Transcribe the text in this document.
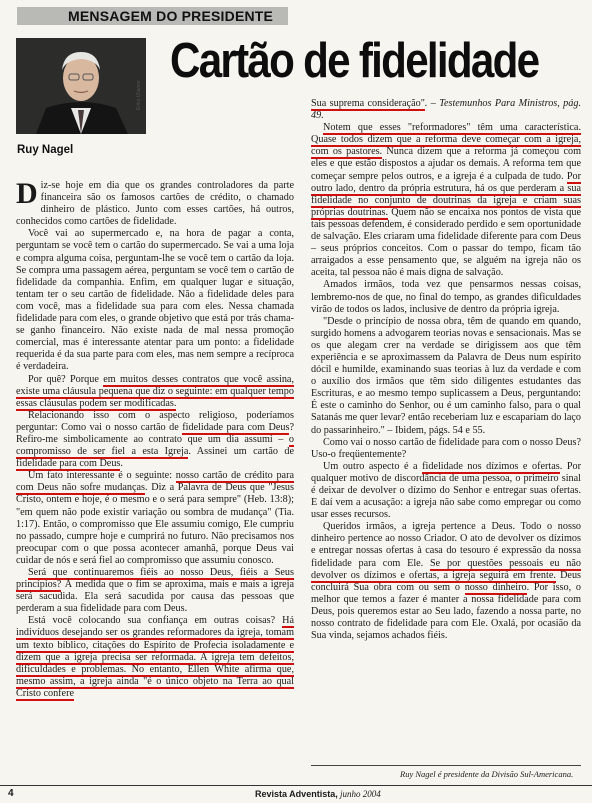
MENSAGEM DO PRESIDENTE
Ériko Ulianov
Ruy Nagel
Cartão de fidelidade

Diz-se hoje em dia que os grandes controladores da parte financeira são os famosos cartões de crédito, o chamado dinheiro de plástico. Junto com esses cartões, há outros, conhecidos como cartões de fidelidade.

Você vai ao supermercado e, na hora de pagar a conta, perguntam se você tem o cartão do supermercado. Se vai a uma loja e compra alguma coisa, perguntam-lhe se você tem o cartão da loja. Se compra uma passagem aérea, perguntam se você tem o cartão de fidelidade da companhia. Enfim, em qualquer lugar e situação, tentam ter o seu cartão de fidelidade. Não a fidelidade deles para com você, mas a fidelidade sua para com eles. Nessa chamada fidelidade para com eles, o grande objetivo que está por trás chama-se ganho financeiro. Não existe nada de mal nessa promoção comercial, mas é interessante atentar para um ponto: a fidelidade requerida é da sua parte para com eles, mas nem sempre a recíproca é verdadeira.

Por quê? Porque em muitos desses contratos que você assina, existe uma cláusula pequena que diz o seguinte: em qualquer tempo essas cláusulas podem ser modificadas.

Relacionando isso com o aspecto religioso, poderíamos perguntar: Como vai o nosso cartão de fidelidade para com Deus? Refiro-me simbolicamente ao contrato que um dia assumi – o compromisso de ser fiel a esta Igreja. Assinei um cartão de fidelidade para com Deus.

Um fato interessante é o seguinte: nosso cartão de crédito para com Deus não sofre mudanças. Diz a Palavra de Deus que "Jesus Cristo, ontem e hoje, é o mesmo e o será para sempre" (Heb. 13:8); "em quem não pode existir variação ou sombra de mudança" (Tia. 1:17). Então, o compromisso que Ele assumiu comigo, Ele cumpriu no passado, cumpre hoje e cumprirá no futuro. Não precisamos nos preocupar com o que possa acontecer amanhã, porque Deus vai cuidar de nós e será fiel ao compromisso que assumiu conosco.

Será que continuaremos fiéis ao nosso Deus, fiéis a Seus princípios? À medida que o fim se aproxima, mais e mais a igreja será sacudida. Ela será sacudida por causa das pessoas que perderam a sua fidelidade para com Deus.

Está você colocando sua confiança em outras coisas? Há indivíduos desejando ser os grandes reformadores da igreja, tomam um texto bíblico, citações do Espírito de Profecia isoladamente e dizem que a igreja precisa ser reformada. A igreja tem defeitos, dificuldades e problemas. No entanto, Ellen White afirma que, mesmo assim, a igreja ainda "é o único objeto na Terra ao qual Cristo confere

Sua suprema consideração". – Testemunhos Para Ministros, pág. 49.

Notem que esses "reformadores" têm uma característica. Quase todos dizem que a reforma deve começar com a igreja, com os pastores. Nunca dizem que a reforma já começou com eles e que estão dispostos a ajudar os demais. A reforma tem que começar sempre pelos outros, e a igreja é a culpada de tudo. Por outro lado, dentro da própria estrutura, há os que perderam a sua fidelidade no conjunto de doutrinas da igreja e criam suas próprias doutrinas. Quem não se encaixa nos pontos de vista que tais pessoas defendem, é considerado perdido e sem oportunidade de salvação. Eles criaram uma fidelidade diferente para com Deus – seus próprios conceitos. Com o passar do tempo, ficam tão arraigados a esse pensamento que, se alguém na igreja não os aceita, tal pessoa não é mais digna de salvação.

Amados irmãos, toda vez que pensarmos nessas coisas, lembremo-nos de que, no final do tempo, as grandes dificuldades virão de todos os lados, inclusive de dentro da própria igreja.

"Desde o princípio de nossa obra, têm de quando em quando, surgido homens a advogarem teorias novas e sensacionais. Mas se os que alegam crer na verdade se dirigissem aos que têm experiência e se aproximassem da Palavra de Deus num espírito dócil e humilde, examinando suas teorias à luz da verdade e com o auxílio dos irmãos que têm sido diligentes estudantes das Escrituras, e ao mesmo tempo suplicassem a Deus, perguntando: É este o caminho do Senhor, ou é um caminho falso, para o qual Satanás me quer levar? então receberiam luz e escapariam do laço do passarinheiro." – Ibidem, págs. 54 e 55.

Como vai o nosso cartão de fidelidade para com o nosso Deus? Uso-o freqüentemente?

Um outro aspecto é a fidelidade nos dízimos e ofertas. Por qualquer motivo de discordância de uma pessoa, o primeiro sinal é deixar de devolver o dízimo do Senhor e entregar suas ofertas. E daí vem a acusação: a igreja não sabe como empregar ou como usar esses recursos.

Queridos irmãos, a igreja pertence a Deus. Todo o nosso dinheiro pertence ao nosso Criador. O ato de devolver os dízimos e entregar nossas ofertas à casa do tesouro é expressão da nossa fidelidade para com Ele. Se por questões pessoais eu não devolver os dízimos e ofertas, a igreja seguirá em frente. Deus concluirá Sua obra com ou sem o nosso dinheiro. Por isso, o melhor que temos a fazer é manter a nossa fidelidade para com Deus, pois queremos estar ao Seu lado, fazendo a nossa parte, no nosso contrato de fidelidade para com Ele. Oxalá, por ocasião da Sua vinda, sejamos achados fiéis.

Ruy Nagel é presidente da Divisão Sul-Americana.
4	Revista Adventista, junho 2004
